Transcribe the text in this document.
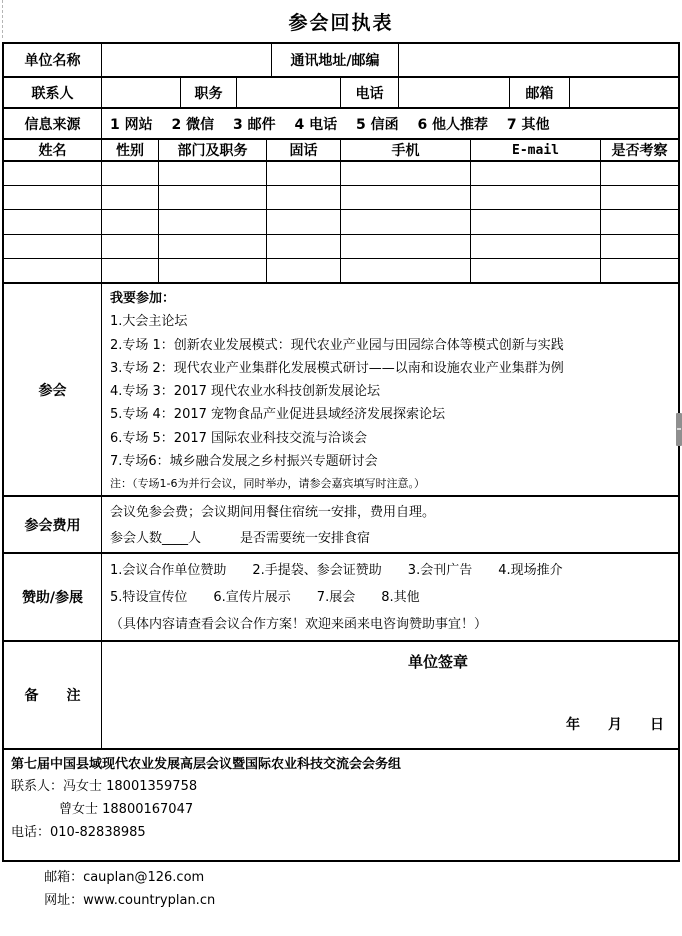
参会回执表
单位名称	通讯地址/邮编
联系人	职务	电话	邮箱
信息来源	1 网站　 2 微信　 3 邮件　 4 电话　 5 信函　 6 他人推荐　 7 其他
姓名	性别	部门及职务	固话	手机	E-mail	是否考察
参会
我要参加：
1.大会主论坛
2.专场 1：创新农业发展模式：现代农业产业园与田园综合体等模式创新与实践
3.专场 2：现代农业产业集群化发展模式研讨——以南和设施农业产业集群为例
4.专场 3：2017 现代农业水科技创新发展论坛
5.专场 4：2017 宠物食品产业促进县域经济发展探索论坛
6.专场 5：2017 国际农业科技交流与洽谈会
7.专场6：城乡融合发展之乡村振兴专题研讨会
注：（专场1-6为并行会议，同时举办，请参会嘉宾填写时注意。）
参会费用
会议免参会费；会议期间用餐住宿统一安排，费用自理。
参会人数____人　　　是否需要统一安排食宿
赞助/参展
1.会议合作单位赞助　　2.手提袋、参会证赞助　　3.会刊广告　　4.现场推介
5.特设宣传位　　6.宣传片展示　　7.展会　　8.其他
（具体内容请查看会议合作方案！欢迎来函来电咨询赞助事宜！）
备　　注
单位签章
年　　月　　日
第七届中国县域现代农业发展高层会议暨国际农业科技交流会会务组
联系人：冯女士 18001359758
曾女士 18800167047
电话：010-82838985

邮箱：cauplan@126.com
网址：www.countryplan.cn
